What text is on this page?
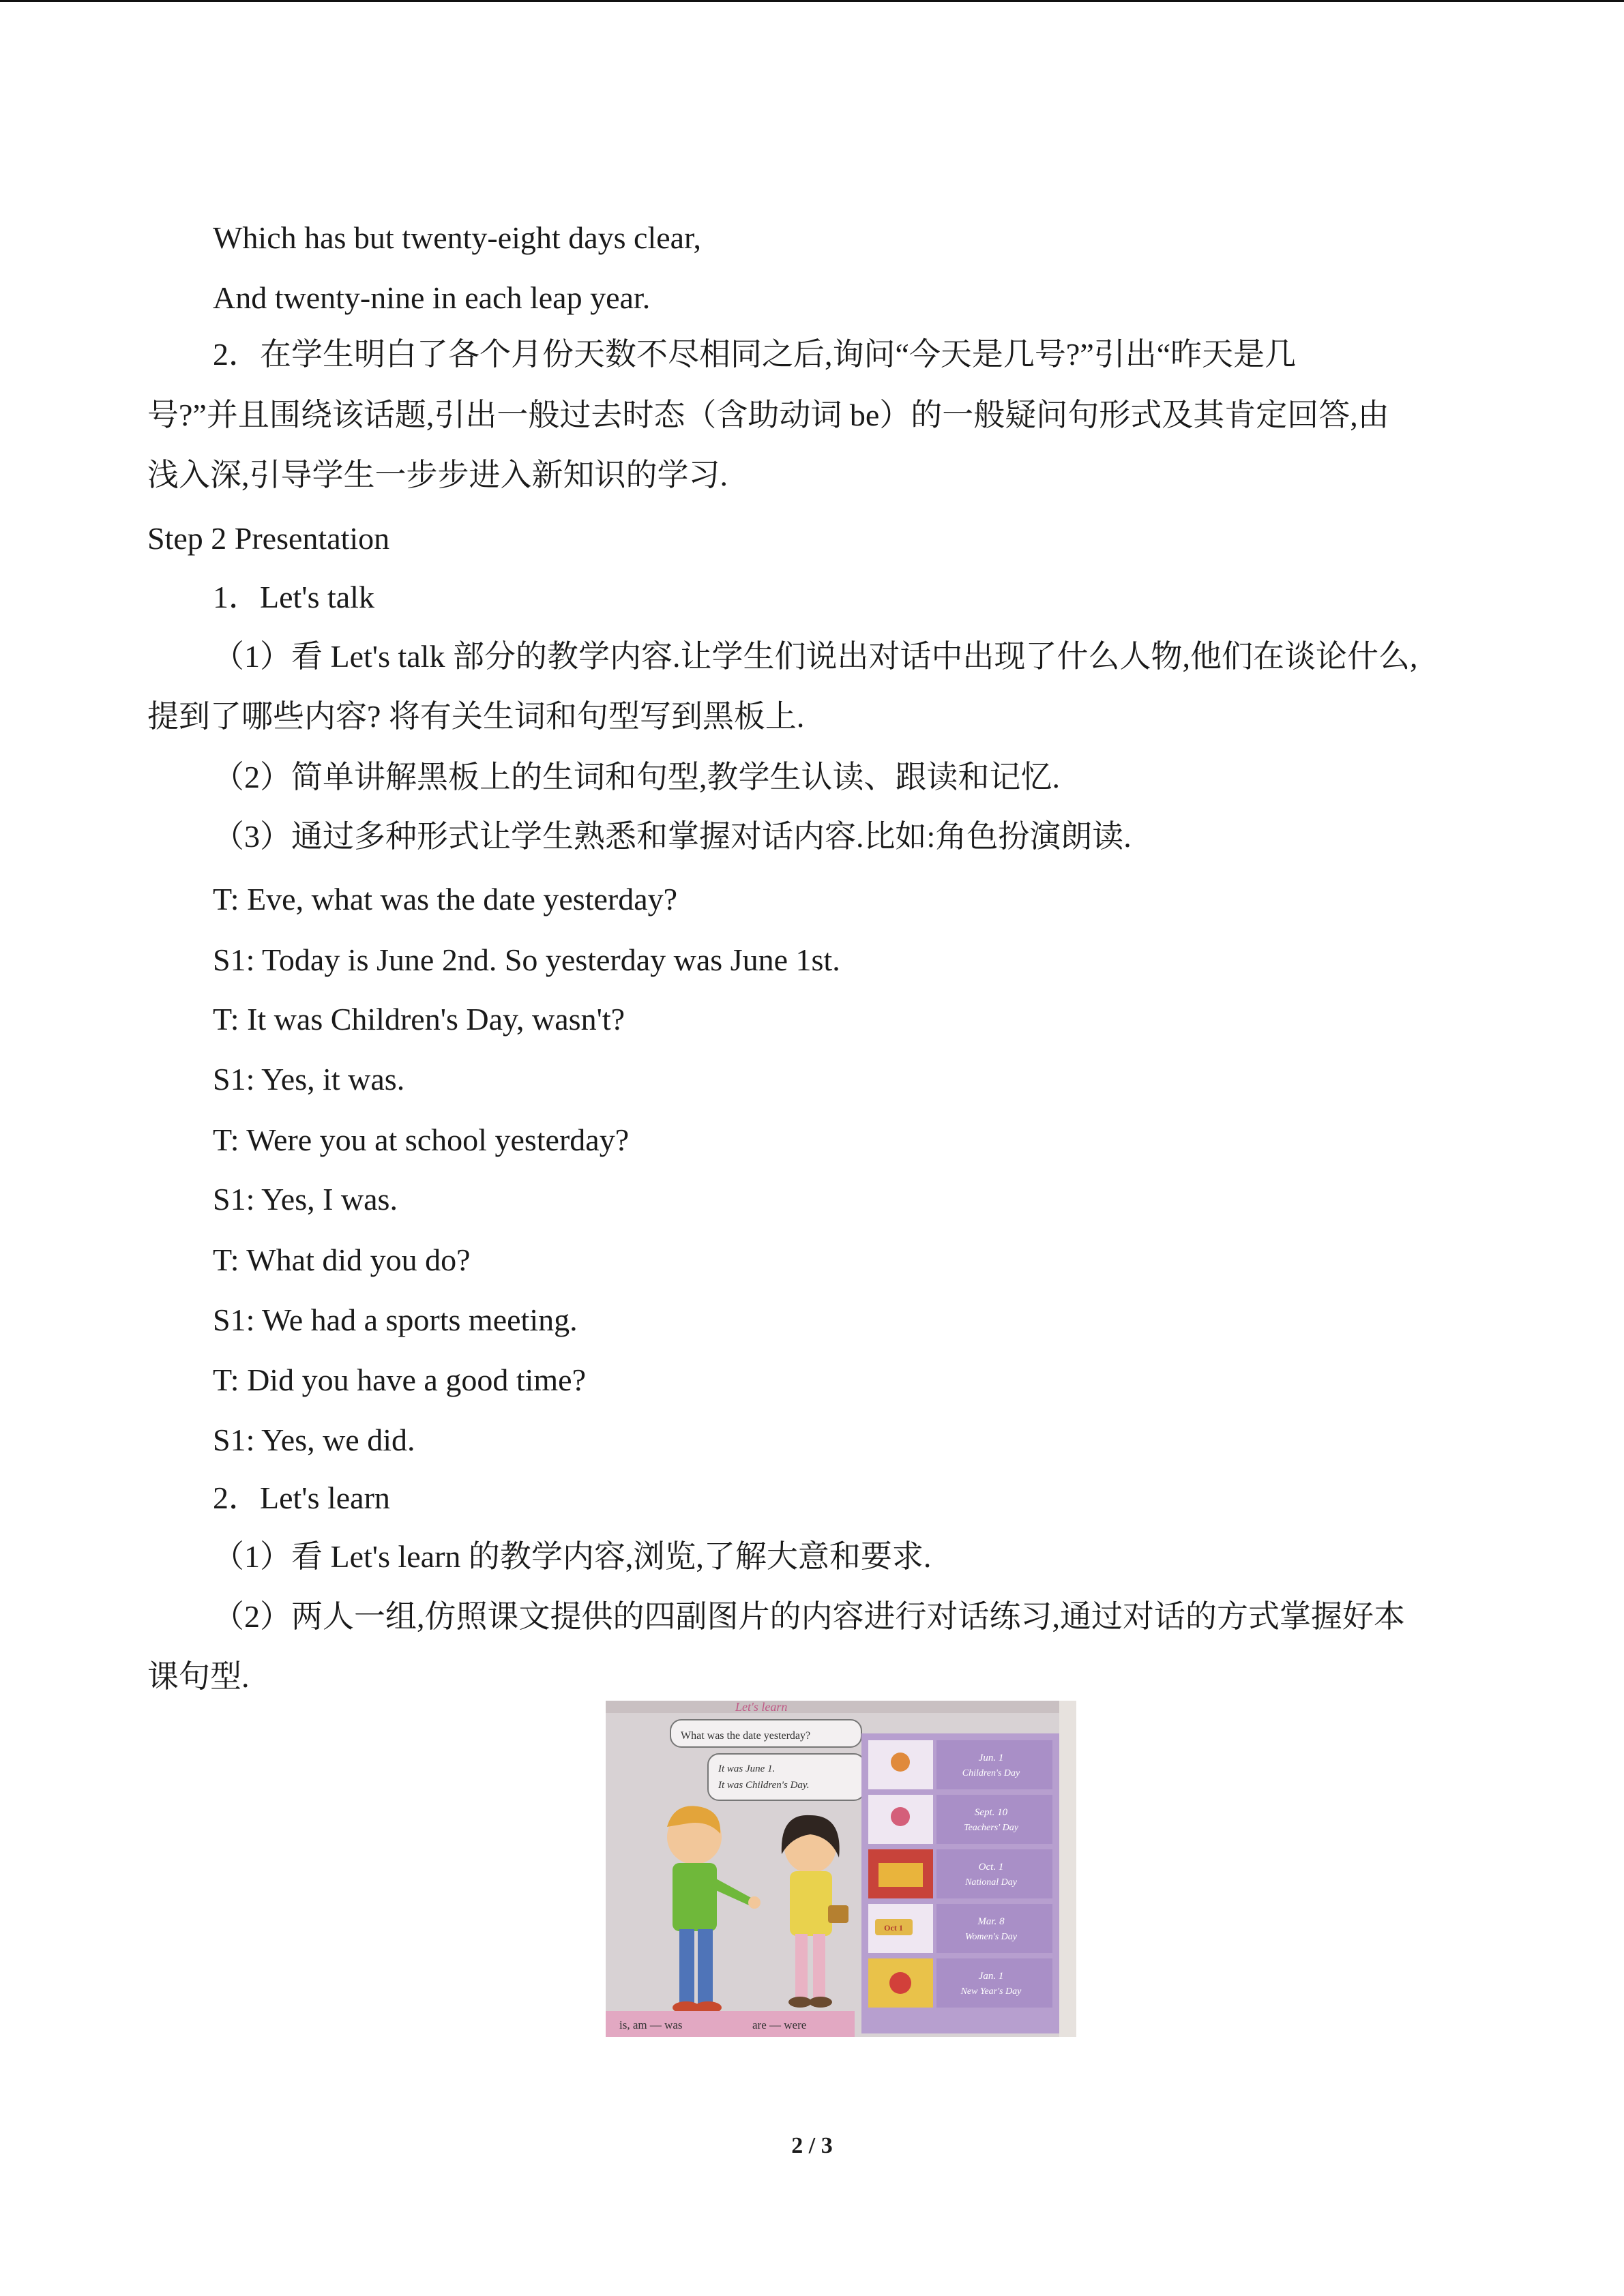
Which has but twenty-eight days clear,
And twenty-nine in each leap year.
2．在学生明白了各个月份天数不尽相同之后,询问“今天是几号?”引出“昨天是几
号?”并且围绕该话题,引出一般过去时态（含助动词 be）的一般疑问句形式及其肯定回答,由
浅入深,引导学生一步步进入新知识的学习.
Step 2 Presentation
1．Let's talk
（1）看 Let's talk 部分的教学内容.让学生们说出对话中出现了什么人物,他们在谈论什么,
提到了哪些内容? 将有关生词和句型写到黑板上.
（2）简单讲解黑板上的生词和句型,教学生认读、跟读和记忆.
（3）通过多种形式让学生熟悉和掌握对话内容.比如:角色扮演朗读.
T: Eve, what was the date yesterday?
S1: Today is June 2nd. So yesterday was June 1st.
T: It was Children's Day, wasn't?
S1: Yes, it was.
T: Were you at school yesterday?
S1: Yes, I was.
T: What did you do?
S1: We had a sports meeting.
T: Did you have a good time?
S1: Yes, we did.
2．Let's learn
（1）看 Let's learn 的教学内容,浏览,了解大意和要求.
（2）两人一组,仿照课文提供的四副图片的内容进行对话练习,通过对话的方式掌握好本
课句型.
Let's learn
What was the date yesterday?
It was June 1.
It was Children's Day.
is, am — was	are — were
Jun. 1
Children's Day
Sept. 10
Teachers' Day
Oct. 1
National Day
Oct 1
Mar. 8
Women's Day
Jan. 1
New Year's Day
2 / 3
